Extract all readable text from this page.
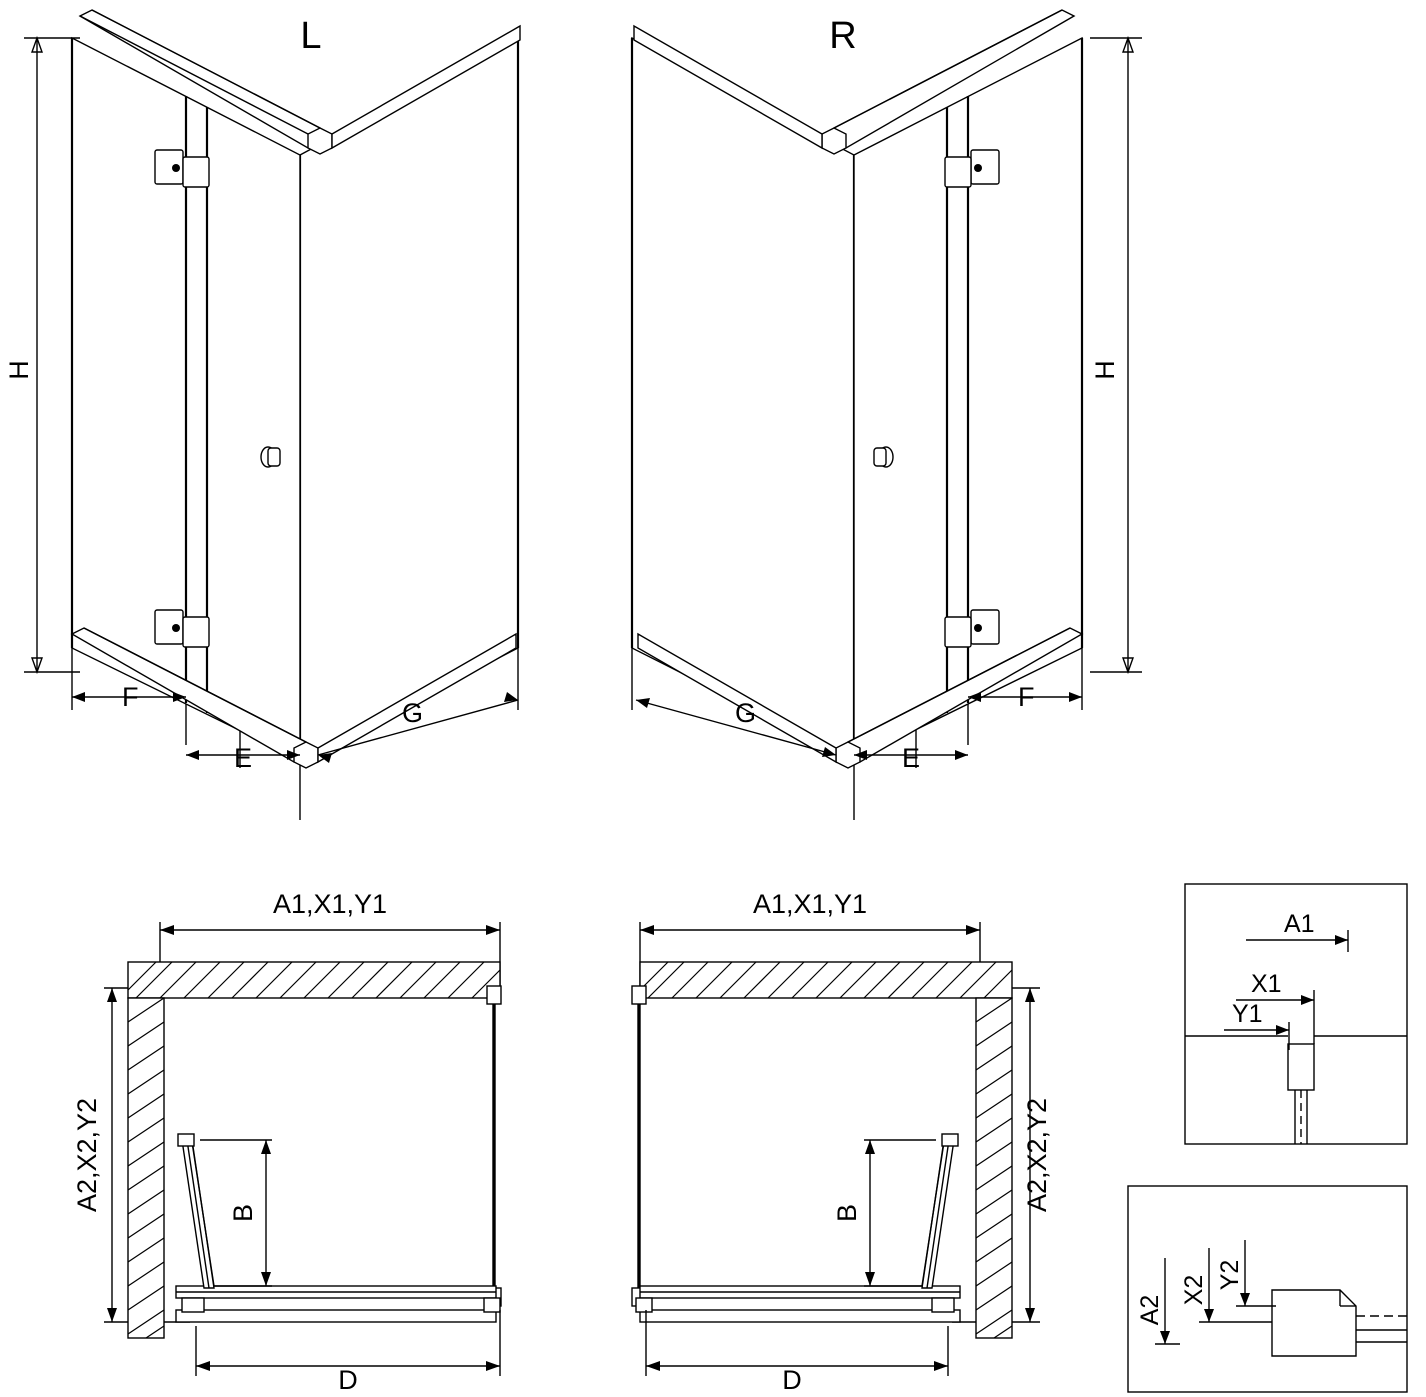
H
F
E
G
L
H
G
E
F
R
A1,X1,Y1
A2,X2,Y2
B
D
A1,X1,Y1
A2,X2,Y2
B
D
A1
X1
Y1
A2
X2 Y2
